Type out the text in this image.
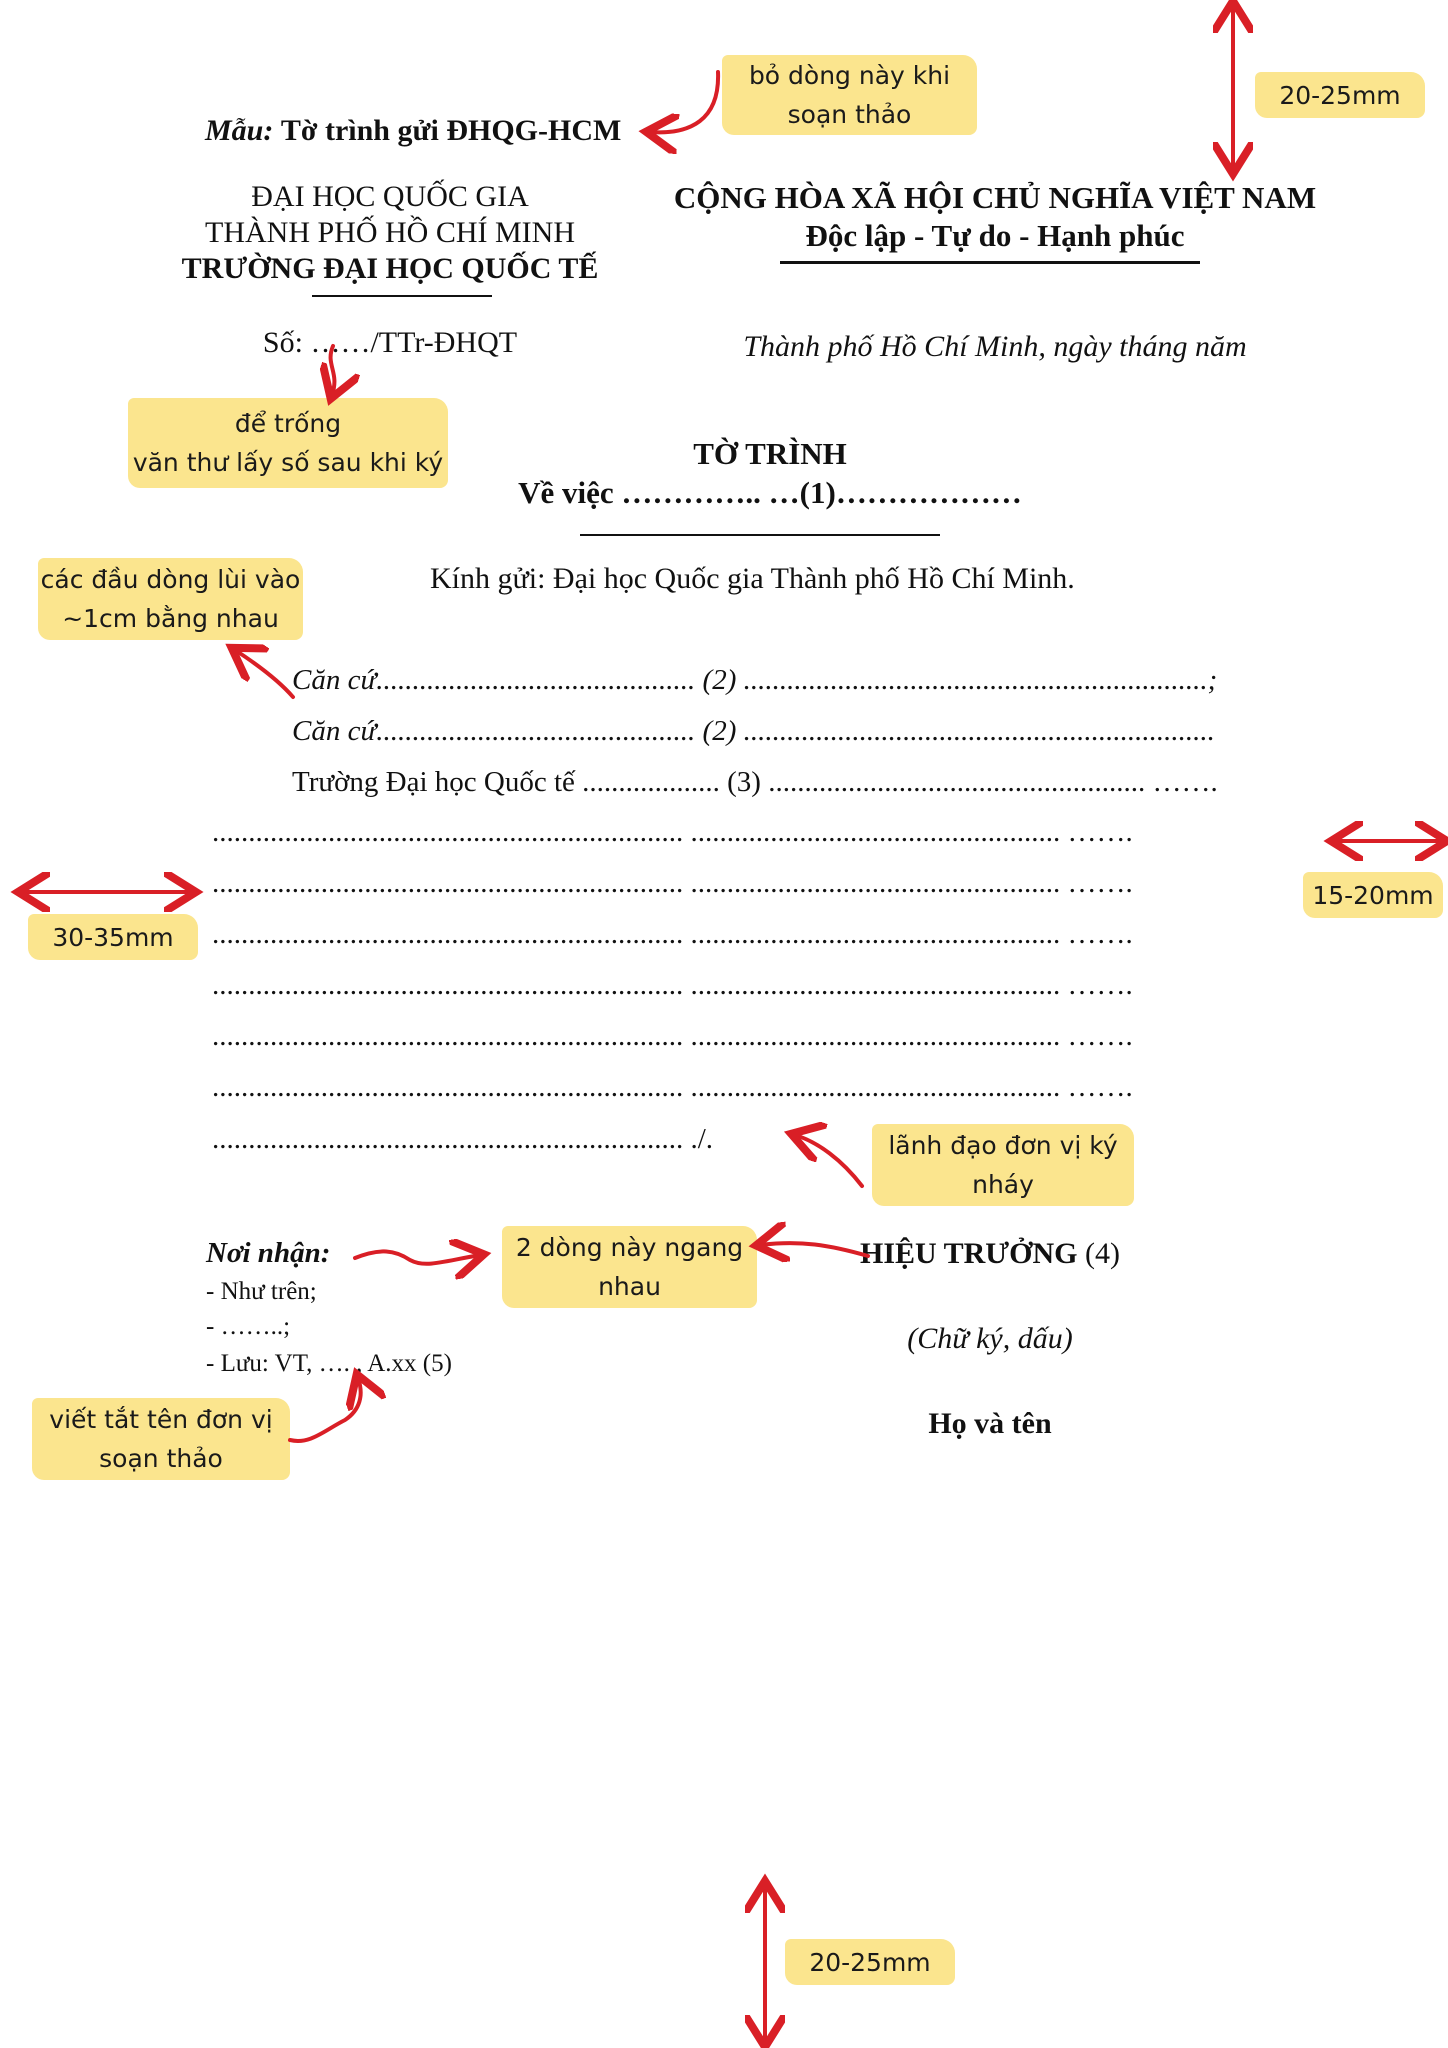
Mẫu: Tờ trình gửi ĐHQG-HCM
ĐẠI HỌC QUỐC GIA
THÀNH PHỐ HỒ CHÍ MINH
TRƯỜNG ĐẠI HỌC QUỐC TẾ
Số: ……/TTr-ĐHQT
CỘNG HÒA XÃ HỘI CHỦ NGHĨA VIỆT NAM
Độc lập - Tự do - Hạnh phúc
Thành phố Hồ Chí Minh, ngày tháng năm
TỜ TRÌNH
Về việc ………….. …(1)………………
Kính gửi: Đại học Quốc gia Thành phố Hồ Chí Minh.
Căn cứ............................................ (2) ................................................................;
Căn cứ............................................ (2) .................................................................
Trường Đại học Quốc tế ................... (3) .................................................... …….
................................................................. ................................................... …….
................................................................. ................................................... …….
................................................................. ................................................... …….
................................................................. ................................................... …….
................................................................. ................................................... …….
................................................................. ................................................... …….
................................................................. ./.
Nơi nhận:
- Như trên;
- ……..;
- Lưu: VT, …. , A.xx (5)
HIỆU TRƯỞNG (4)
(Chữ ký, dấu)
Họ và tên
bỏ dòng này khi
soạn thảo
20-25mm
để trống
văn thư lấy số sau khi ký
các đầu dòng lùi vào
~1cm bằng nhau
15-20mm
30-35mm
lãnh đạo đơn vị ký
nháy
2 dòng này ngang
nhau
viết tắt tên đơn vị
soạn thảo
20-25mm
